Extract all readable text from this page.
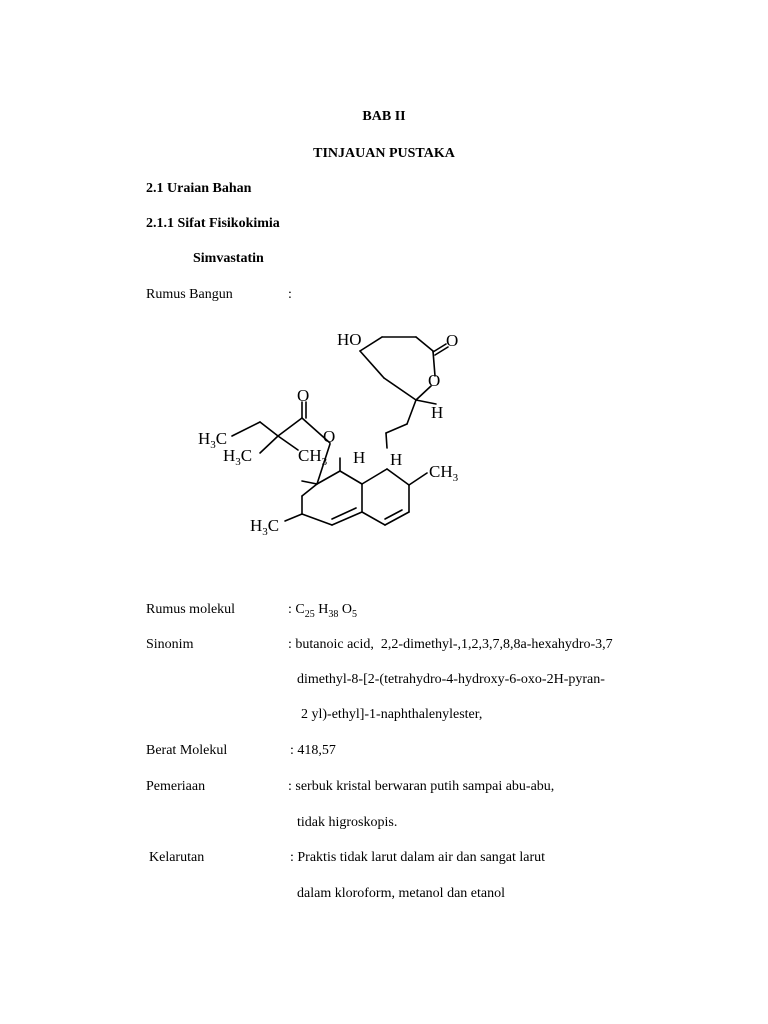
BAB II
TINJAUAN PUSTAKA
2.1 Uraian Bahan
2.1.1 Sifat Fisikokimia
Simvastatin
Rumus Bangun	:
HO	O
O
H
O
O
$H_3C$
$H_3C$	$CH_3$ H H
$CH_3$
$H_3C$
Rumus molekul	: $C_{25}$ $H_{38}$ $O_5$
Sinonim	: butanoic acid,  2,2-dimethyl-,1,2,3,7,8,8a-hexahydro-3,7
dimethyl-8-[2-(tetrahydro-4-hydroxy-6-oxo-2H-pyran-
2 yl)-ethyl]-1-naphthalenylester,
Berat Molekul	: 418,57
Pemeriaan	: serbuk kristal berwaran putih sampai abu-abu,
tidak higroskopis.
Kelarutan	: Praktis tidak larut dalam air dan sangat larut
dalam kloroform, metanol dan etanol
